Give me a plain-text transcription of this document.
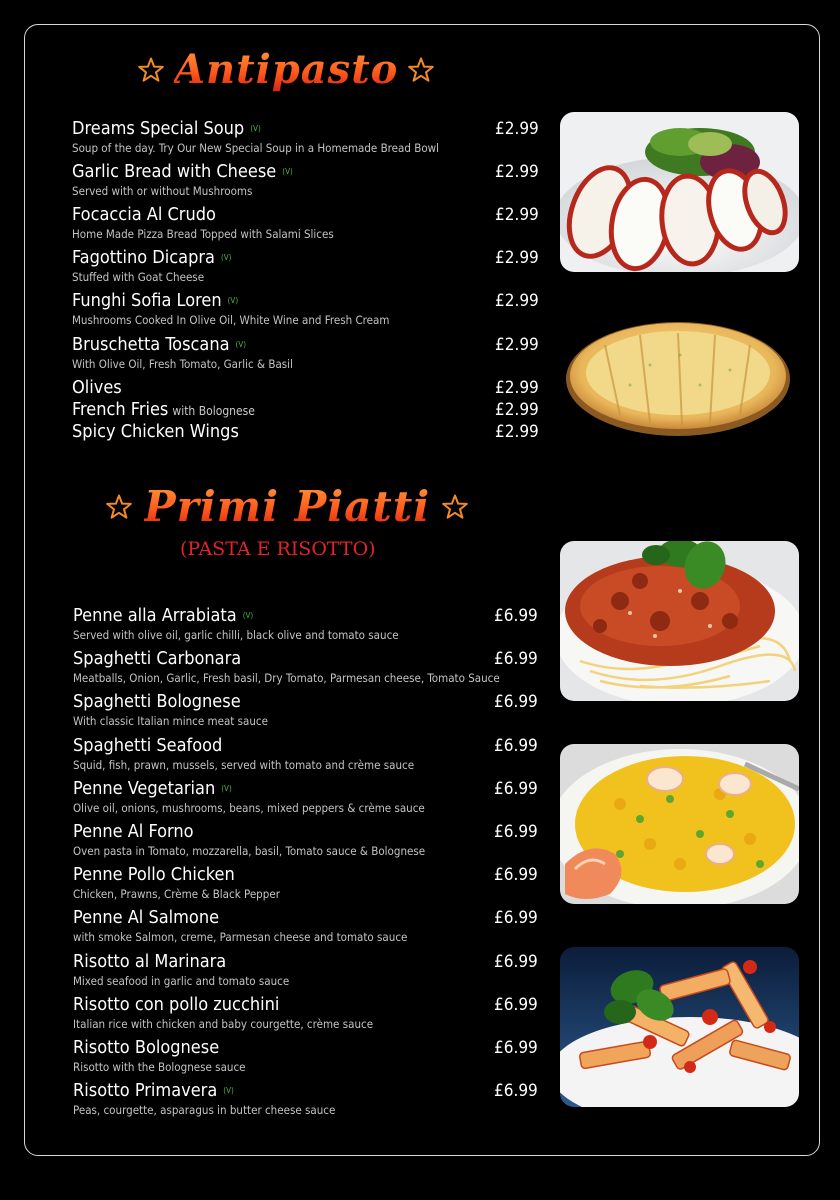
Antipasto
Dreams Special Soup (V)	£2.99
Soup of the day. Try Our New Special Soup in a Homemade Bread Bowl
Garlic Bread with Cheese (V)	£2.99
Served with or without Mushrooms
Focaccia Al Crudo	£2.99
Home Made Pizza Bread Topped with Salami Slices
Fagottino Dicapra (V)	£2.99
Stuffed with Goat Cheese
Funghi Sofia Loren (V)	£2.99
Mushrooms Cooked In Olive Oil, White Wine and Fresh Cream
Bruschetta Toscana (V)	£2.99
With Olive Oil, Fresh Tomato, Garlic & Basil
Olives	£2.99
French Fries with Bolognese	£2.99
Spicy Chicken Wings	£2.99
Primi Piatti
(PASTA E RISOTTO)
Penne alla Arrabiata (V)	£6.99
Served with olive oil, garlic chilli, black olive and tomato sauce
Spaghetti Carbonara	£6.99
Meatballs, Onion, Garlic, Fresh basil, Dry Tomato, Parmesan cheese, Tomato Sauce
Spaghetti Bolognese	£6.99
With classic Italian mince meat sauce
Spaghetti Seafood	£6.99
Squid, fish, prawn, mussels, served with tomato and crème sauce
Penne Vegetarian (V)	£6.99
Olive oil, onions, mushrooms, beans, mixed peppers & crème sauce
Penne Al Forno	£6.99
Oven pasta in Tomato, mozzarella, basil, Tomato sauce & Bolognese
Penne Pollo Chicken	£6.99
Chicken, Prawns, Crème & Black Pepper
Penne Al Salmone	£6.99
with smoke Salmon, creme, Parmesan cheese and tomato sauce
Risotto al Marinara	£6.99
Mixed seafood in garlic and tomato sauce
Risotto con pollo zucchini	£6.99
Italian rice with chicken and baby courgette, crème sauce
Risotto Bolognese	£6.99
Risotto with the Bolognese sauce
Risotto Primavera (V)	£6.99
Peas, courgette, asparagus in butter cheese sauce
